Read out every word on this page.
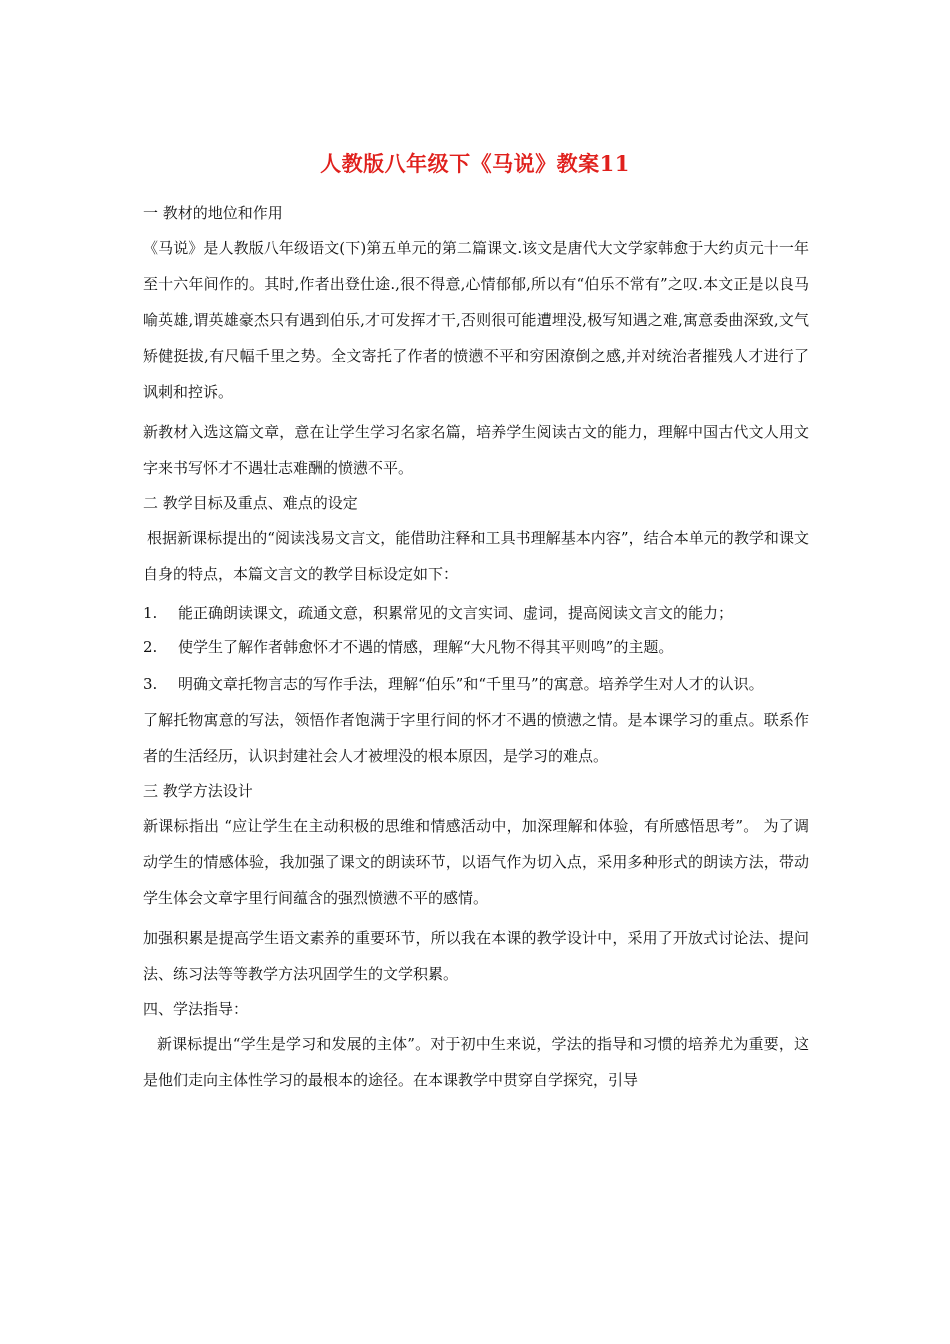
人教版八年级下《马说》教案11
一 教材的地位和作用
《马说》是人教版八年级语文(下)第五单元的第二篇课文.该文是唐代大文学家韩愈于大约贞元十一年至十六年间作的。其时,作者出登仕途.,很不得意,心情郁郁,所以有“伯乐不常有”之叹.本文正是以良马喻英雄,谓英雄豪杰只有遇到伯乐,才可发挥才干,否则很可能遭埋没,极写知遇之难,寓意委曲深致,文气矫健挺拔,有尺幅千里之势。全文寄托了作者的愤懑不平和穷困潦倒之感,并对统治者摧残人才进行了讽刺和控诉。
新教材入选这篇文章，意在让学生学习名家名篇，培养学生阅读古文的能力，理解中国古代文人用文字来书写怀才不遇壮志难酬的愤懑不平。
二 教学目标及重点、难点的设定
根据新课标提出的“阅读浅易文言文，能借助注释和工具书理解基本内容”，结合本单元的教学和课文自身的特点，本篇文言文的教学目标设定如下：
1.	能正确朗读课文，疏通文意，积累常见的文言实词、虚词，提高阅读文言文的能力；
2.	使学生了解作者韩愈怀才不遇的情感，理解“大凡物不得其平则鸣”的主题。
3.	明确文章托物言志的写作手法，理解“伯乐”和“千里马”的寓意。培养学生对人才的认识。
了解托物寓意的写法，领悟作者饱满于字里行间的怀才不遇的愤懑之情。是本课学习的重点。联系作者的生活经历，认识封建社会人才被埋没的根本原因，是学习的难点。
三 教学方法设计
新课标指出 “应让学生在主动积极的思维和情感活动中，加深理解和体验，有所感悟思考”。 为了调动学生的情感体验，我加强了课文的朗读环节，以语气作为切入点，采用多种形式的朗读方法，带动学生体会文章字里行间蕴含的强烈愤懑不平的感情。
加强积累是提高学生语文素养的重要环节，所以我在本课的教学设计中，采用了开放式讨论法、提问法、练习法等等教学方法巩固学生的文学积累。
四、学法指导：
新课标提出“学生是学习和发展的主体”。对于初中生来说，学法的指导和习惯的培养尤为重要，这是他们走向主体性学习的最根本的途径。在本课教学中贯穿自学探究，引导
